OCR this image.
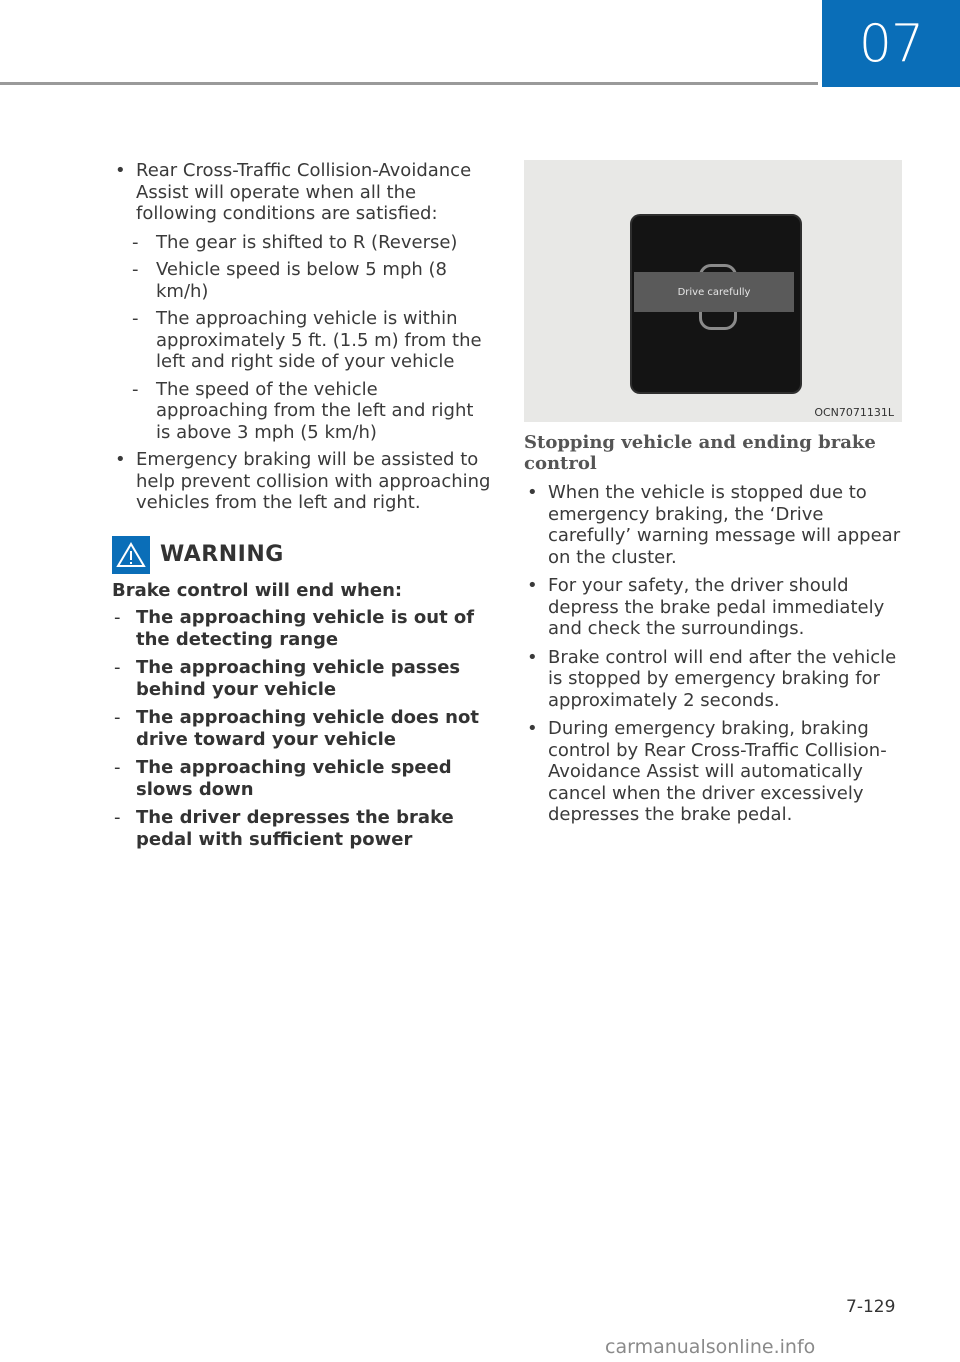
07
• Rear Cross-Traffic Collision-Avoidance Assist will operate when all the following conditions are satisfied:
- The gear is shifted to R (Reverse)
- Vehicle speed is below 5 mph (8 km/h)
- The approaching vehicle is within approximately 5 ft. (1.5 m) from the left and right side of your vehicle
- The speed of the vehicle approaching from the left and right is above 3 mph (5 km/h)
• Emergency braking will be assisted to help prevent collision with approaching vehicles from the left and right.
WARNING

Brake control will end when:

- The approaching vehicle is out of the detecting range
- The approaching vehicle passes behind your vehicle
- The approaching vehicle does not drive toward your vehicle
- The approaching vehicle speed slows down
- The driver depresses the brake pedal with sufficient power
Drive carefully
OCN7071131L
Stopping vehicle and ending brake control
• When the vehicle is stopped due to emergency braking, the ‘Drive carefully’ warning message will appear on the cluster.
• For your safety, the driver should depress the brake pedal immediately and check the surroundings.
• Brake control will end after the vehicle is stopped by emergency braking for approximately 2 seconds.
• During emergency braking, braking control by Rear Cross-Traffic Collision-Avoidance Assist will automatically cancel when the driver excessively depresses the brake pedal.
7-129
carmanualsonline.info
